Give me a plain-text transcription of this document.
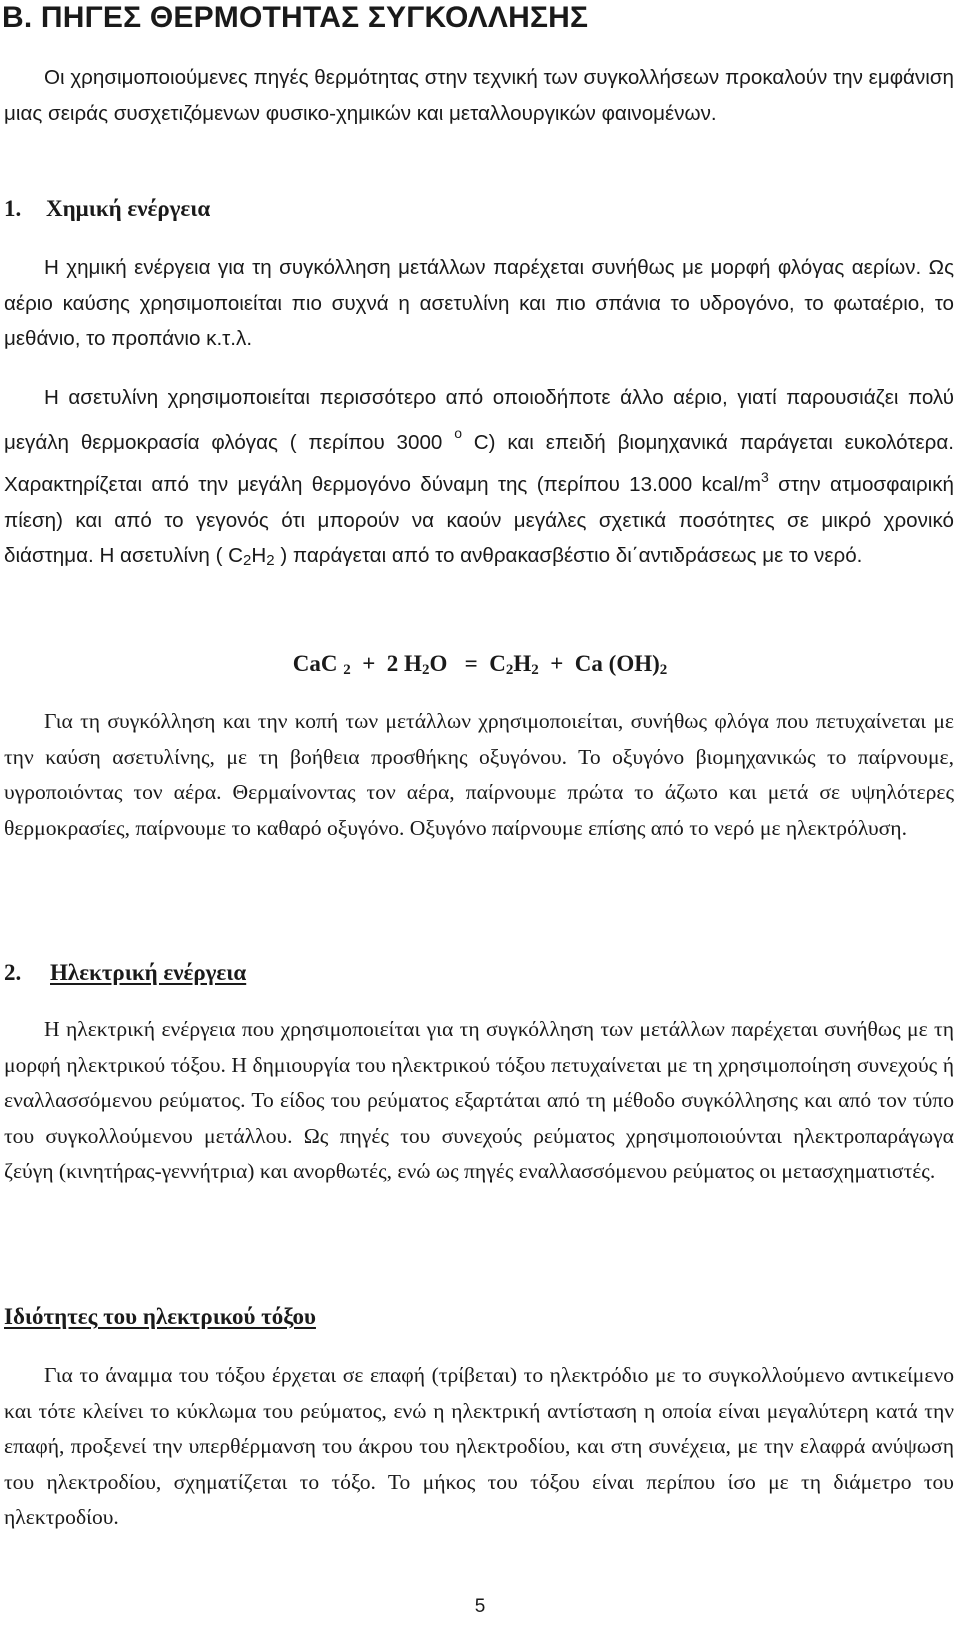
Β. ΠΗΓΕΣ ΘΕΡΜΟΤΗΤΑΣ ΣΥΓΚΟΛΛΗΣΗΣ

Οι χρησιμοποιούμενες πηγές θερμότητας στην τεχνική των συγκολλήσεων προκαλούν την εμφάνιση μιας σειράς συσχετιζόμενων φυσικο-χημικών και μεταλλουργικών φαινομένων.

1. Χημική ενέργεια

Η χημική ενέργεια για τη συγκόλληση μετάλλων παρέχεται συνήθως με μορφή φλόγας αερίων. Ως αέριο καύσης χρησιμοποιείται πιο συχνά η ασετυλίνη και πιο σπάνια το υδρογόνο, το φωταέριο, το μεθάνιο, το προπάνιο κ.τ.λ.

Η ασετυλίνη χρησιμοποιείται περισσότερο από οποιοδήποτε άλλο αέριο, γιατί παρουσιάζει πολύ μεγάλη θερμοκρασία φλόγας ( περίπου 3000 $^o$ C) και επειδή βιομηχανικά παράγεται ευκολότερα. Χαρακτηρίζεται από την μεγάλη θερμογόνο δύναμη της (περίπου 13.000 kcal/$m^3$ στην ατμοσφαιρική πίεση) και από το γεγονός ότι μπορούν να καούν μεγάλες σχετικά ποσότητες σε μικρό χρονικό διάστημα. Η ασετυλίνη ( $C_2H_2$ ) παράγεται από το ανθρακασβέστιο δι΄αντιδράσεως με το νερό.

CaC $_2$  +  2 $H_2O = C_2H_2 + Ca$ $(OH)_2$

Για τη συγκόλληση και την κοπή των μετάλλων χρησιμοποιείται, συνήθως φλόγα που πετυχαίνεται με την καύση ασετυλίνης, με τη βοήθεια προσθήκης οξυγόνου. Το οξυγόνο βιομηχανικώς το παίρνουμε, υγροποιόντας τον αέρα. Θερμαίνοντας τον αέρα, παίρνουμε πρώτα το άζωτο και μετά σε υψηλότερες θερμοκρασίες, παίρνουμε το καθαρό οξυγόνο. Οξυγόνο παίρνουμε επίσης από το νερό με ηλεκτρόλυση.

2. Ηλεκτρική ενέργεια

Η ηλεκτρική ενέργεια που χρησιμοποιείται για τη συγκόλληση των μετάλλων παρέχεται συνήθως με τη μορφή ηλεκτρικού τόξου. Η δημιουργία του ηλεκτρικού τόξου πετυχαίνεται με τη χρησιμοποίηση συνεχούς ή εναλλασσόμενου ρεύματος. Το είδος του ρεύματος εξαρτάται από τη μέθοδο συγκόλλησης και από τον τύπο του συγκολλούμενου μετάλλου. Ως πηγές του συνεχούς ρεύματος χρησιμοποιούνται ηλεκτροπαράγωγα ζεύγη (κινητήρας-γεννήτρια) και ανορθωτές, ενώ ως πηγές εναλλασσόμενου ρεύματος οι μετασχηματιστές.

Ιδιότητες του ηλεκτρικού τόξου

Για το άναμμα του τόξου έρχεται σε επαφή (τρίβεται) το ηλεκτρόδιο με το συγκολλούμενο αντικείμενο και τότε κλείνει το κύκλωμα του ρεύματος, ενώ η ηλεκτρική αντίσταση η οποία είναι μεγαλύτερη κατά την επαφή, προξενεί την υπερθέρμανση του άκρου του ηλεκτροδίου, και στη συνέχεια, με την ελαφρά ανύψωση του ηλεκτροδίου, σχηματίζεται το τόξο. Το μήκος του τόξου είναι περίπου ίσο με τη διάμετρο του ηλεκτροδίου.

5
